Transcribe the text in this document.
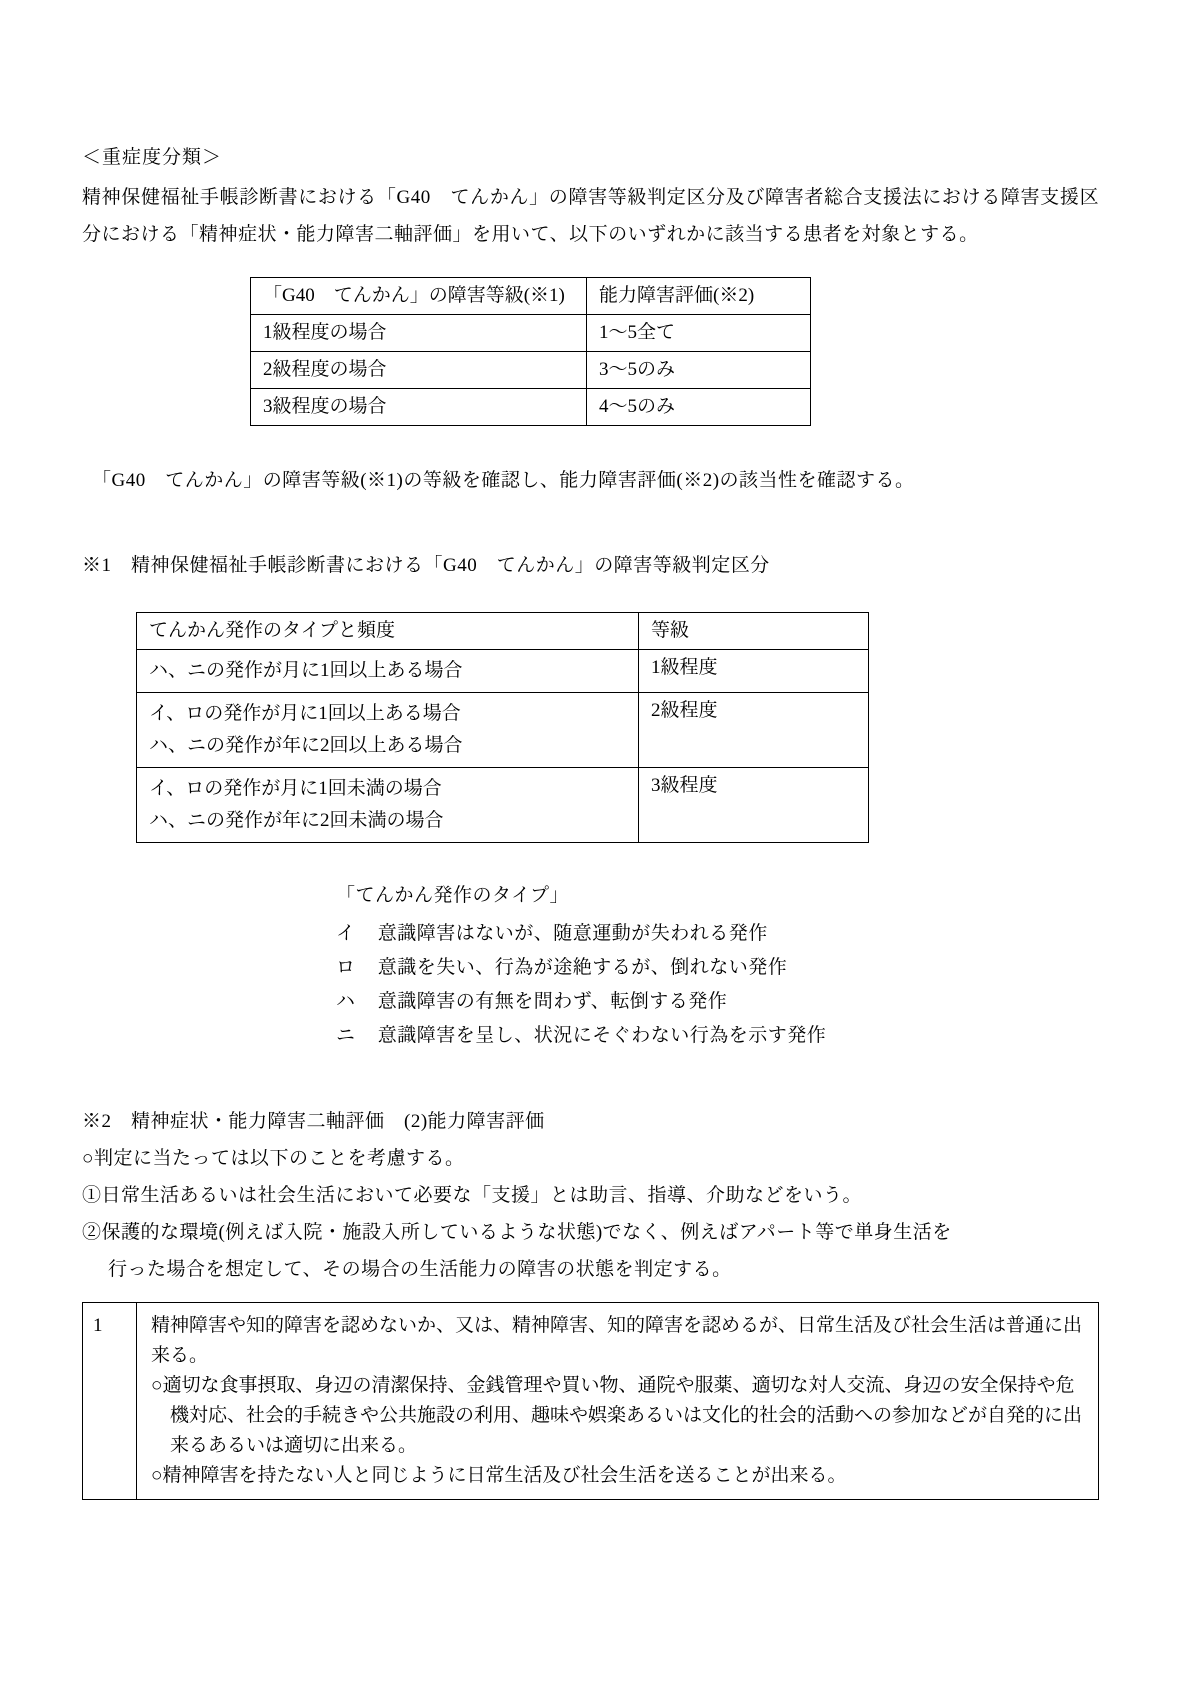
＜重症度分類＞

精神保健福祉手帳診断書における「G40　てんかん」の障害等級判定区分及び障害者総合支援法における障害支援区分における「精神症状・能力障害二軸評価」を用いて、以下のいずれかに該当する患者を対象とする。

「G40　てんかん」の障害等級(※1)	能力障害評価(※2)
1級程度の場合	1〜5全て
2級程度の場合	3〜5のみ
3級程度の場合	4〜5のみ

「G40　てんかん」の障害等級(※1)の等級を確認し、能力障害評価(※2)の該当性を確認する。

※1　精神保健福祉手帳診断書における「G40　てんかん」の障害等級判定区分

てんかん発作のタイプと頻度	等級

ハ、ニの発作が月に1回以上ある場合	1級程度

イ、ロの発作が月に1回以上ある場合
ハ、ニの発作が年に2回以上ある場合	2級程度

イ、ロの発作が月に1回未満の場合
ハ、ニの発作が年に2回未満の場合	3級程度

「てんかん発作のタイプ」

イ	意識障害はないが、随意運動が失われる発作
ロ	意識を失い、行為が途絶するが、倒れない発作
ハ	意識障害の有無を問わず、転倒する発作
ニ	意識障害を呈し、状況にそぐわない行為を示す発作

※2　精神症状・能力障害二軸評価　(2)能力障害評価

○判定に当たっては以下のことを考慮する。

①日常生活あるいは社会生活において必要な「支援」とは助言、指導、介助などをいう。

②保護的な環境(例えば入院・施設入所しているような状態)でなく、例えばアパート等で単身生活を

行った場合を想定して、その場合の生活能力の障害の状態を判定する。

1	精神障害や知的障害を認めないか、又は、精神障害、知的障害を認めるが、日常生活及び社会生活は普通に出来る。

○適切な食事摂取、身辺の清潔保持、金銭管理や買い物、通院や服薬、適切な対人交流、身辺の安全保持や危機対応、社会的手続きや公共施設の利用、趣味や娯楽あるいは文化的社会的活動への参加などが自発的に出来るあるいは適切に出来る。

○精神障害を持たない人と同じように日常生活及び社会生活を送ることが出来る。
